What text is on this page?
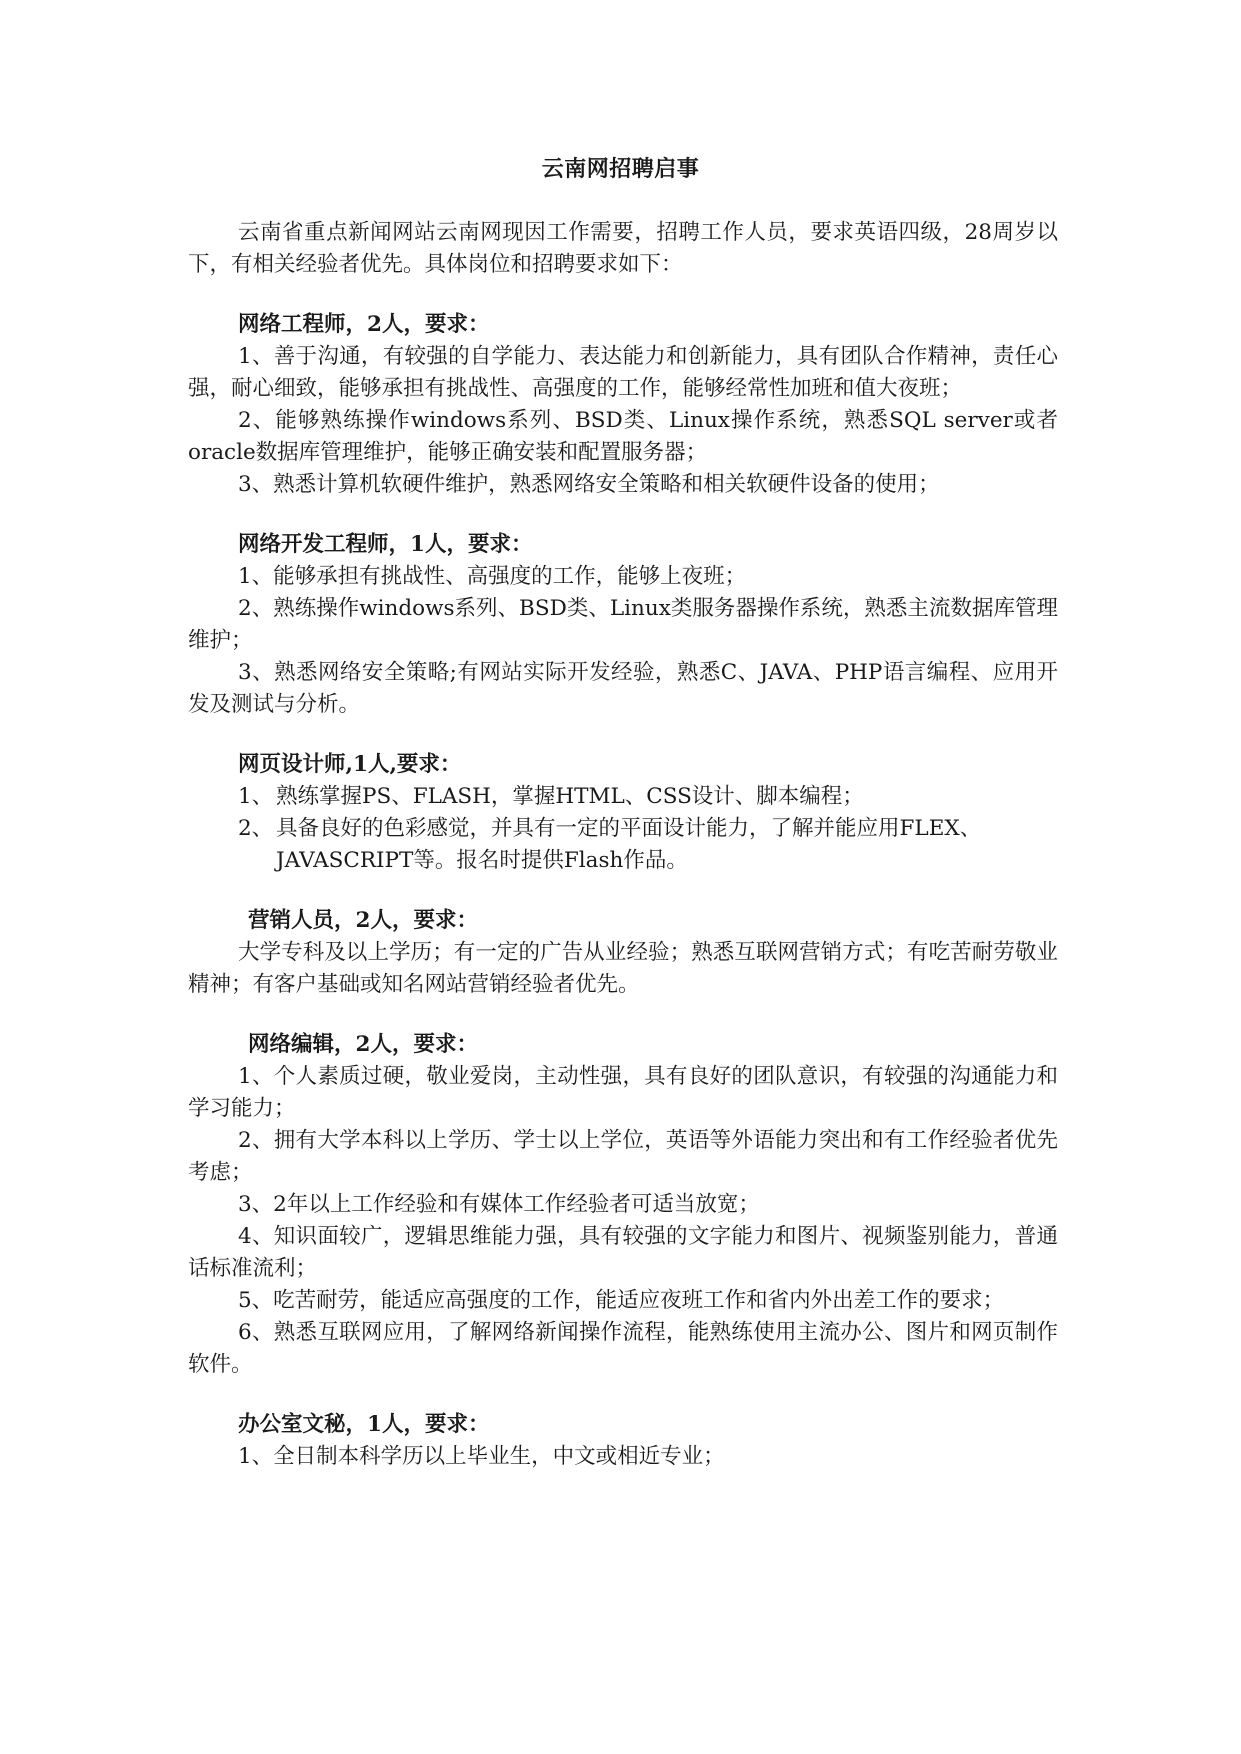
云南网招聘启事

云南省重点新闻网站云南网现因工作需要，招聘工作人员，要求英语四级，28周岁以下，有相关经验者优先。具体岗位和招聘要求如下：

网络工程师，2人，要求：

1、善于沟通，有较强的自学能力、表达能力和创新能力，具有团队合作精神，责任心强，耐心细致，能够承担有挑战性、高强度的工作，能够经常性加班和值大夜班；

2、能够熟练操作windows系列、BSD类、Linux操作系统，熟悉SQL server或者oracle数据库管理维护，能够正确安装和配置服务器；

3、熟悉计算机软硬件维护，熟悉网络安全策略和相关软硬件设备的使用；

网络开发工程师，1人，要求：

1、能够承担有挑战性、高强度的工作，能够上夜班；

2、熟练操作windows系列、BSD类、Linux类服务器操作系统，熟悉主流数据库管理维护；

3、熟悉网络安全策略;有网站实际开发经验，熟悉C、JAVA、PHP语言编程、应用开发及测试与分析。

网页设计师,1人,要求：

1、 熟练掌握PS、FLASH，掌握HTML、CSS设计、脚本编程；
2、 具备良好的色彩感觉，并具有一定的平面设计能力，了解并能应用FLEX、JAVASCRIPT等。报名时提供Flash作品。

营销人员，2人，要求：

大学专科及以上学历；有一定的广告从业经验；熟悉互联网营销方式；有吃苦耐劳敬业精神；有客户基础或知名网站营销经验者优先。

网络编辑，2人，要求：

1、个人素质过硬，敬业爱岗，主动性强，具有良好的团队意识，有较强的沟通能力和学习能力；

2、拥有大学本科以上学历、学士以上学位，英语等外语能力突出和有工作经验者优先考虑；

3、2年以上工作经验和有媒体工作经验者可适当放宽；

4、知识面较广，逻辑思维能力强，具有较强的文字能力和图片、视频鉴别能力，普通话标准流利；

5、吃苦耐劳，能适应高强度的工作，能适应夜班工作和省内外出差工作的要求；

6、熟悉互联网应用，了解网络新闻操作流程，能熟练使用主流办公、图片和网页制作软件。

办公室文秘，1人，要求：

1、全日制本科学历以上毕业生，中文或相近专业；
